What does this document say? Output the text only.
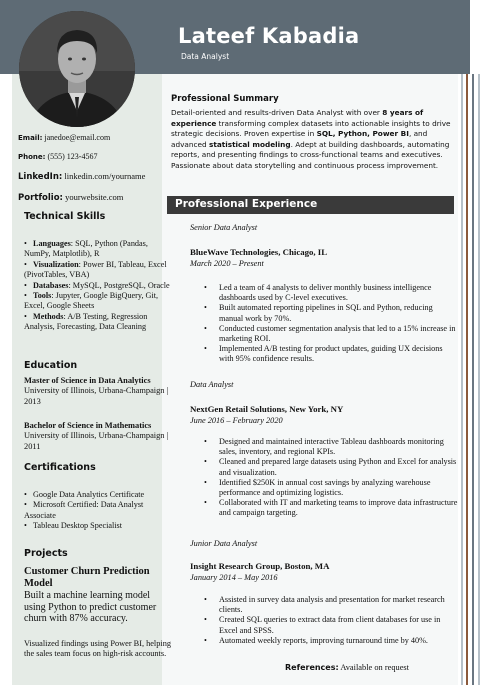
Lateef Kabadia
Data Analyst
Email: janedoe@email.com
Phone: (555) 123-4567
LinkedIn: linkedin.com/yourname
Portfolio: yourwebsite.com
Technical Skills
• Languages: SQL, Python (Pandas, NumPy, Matplotlib), R
• Visualization: Power BI, Tableau, Excel (PivotTables, VBA)
• Databases: MySQL, PostgreSQL, Oracle
• Tools: Jupyter, Google BigQuery, Git, Excel, Google Sheets
• Methods: A/B Testing, Regression Analysis, Forecasting, Data Cleaning
Education
Master of Science in Data Analytics
University of Illinois, Urbana-Champaign | 2013
Bachelor of Science in Mathematics
University of Illinois, Urbana-Champaign | 2011
Certifications
• Google Data Analytics Certificate
• Microsoft Certified: Data Analyst Associate
• Tableau Desktop Specialist
Projects
Customer Churn Prediction Model
Built a machine learning model using Python to predict customer churn with 87% accuracy.
Visualized findings using Power BI, helping the sales team focus on high-risk accounts.
Professional Summary
Detail-oriented and results-driven Data Analyst with over 8 years of experience transforming complex datasets into actionable insights to drive strategic decisions. Proven expertise in SQL, Python, Power BI, and advanced statistical modeling. Adept at building dashboards, automating reports, and presenting findings to cross-functional teams and executives. Passionate about data storytelling and continuous process improvement.
Professional Experience
Senior Data Analyst
BlueWave Technologies, Chicago, IL
March 2020 – Present
• Led a team of 4 analysts to deliver monthly business intelligence dashboards used by C-level executives.
• Built automated reporting pipelines in SQL and Python, reducing manual work by 70%.
• Conducted customer segmentation analysis that led to a 15% increase in marketing ROI.
• Implemented A/B testing for product updates, guiding UX decisions with 95% confidence results.
Data Analyst
NextGen Retail Solutions, New York, NY
June 2016 – February 2020
• Designed and maintained interactive Tableau dashboards monitoring sales, inventory, and regional KPIs.
• Cleaned and prepared large datasets using Python and Excel for analysis and visualization.
• Identified $250K in annual cost savings by analyzing warehouse performance and optimizing logistics.
• Collaborated with IT and marketing teams to improve data infrastructure and campaign targeting.
Junior Data Analyst
Insight Research Group, Boston, MA
January 2014 – May 2016
• Assisted in survey data analysis and presentation for market research clients.
• Created SQL queries to extract data from client databases for use in Excel and SPSS.
• Automated weekly reports, improving turnaround time by 40%.
References: Available on request
